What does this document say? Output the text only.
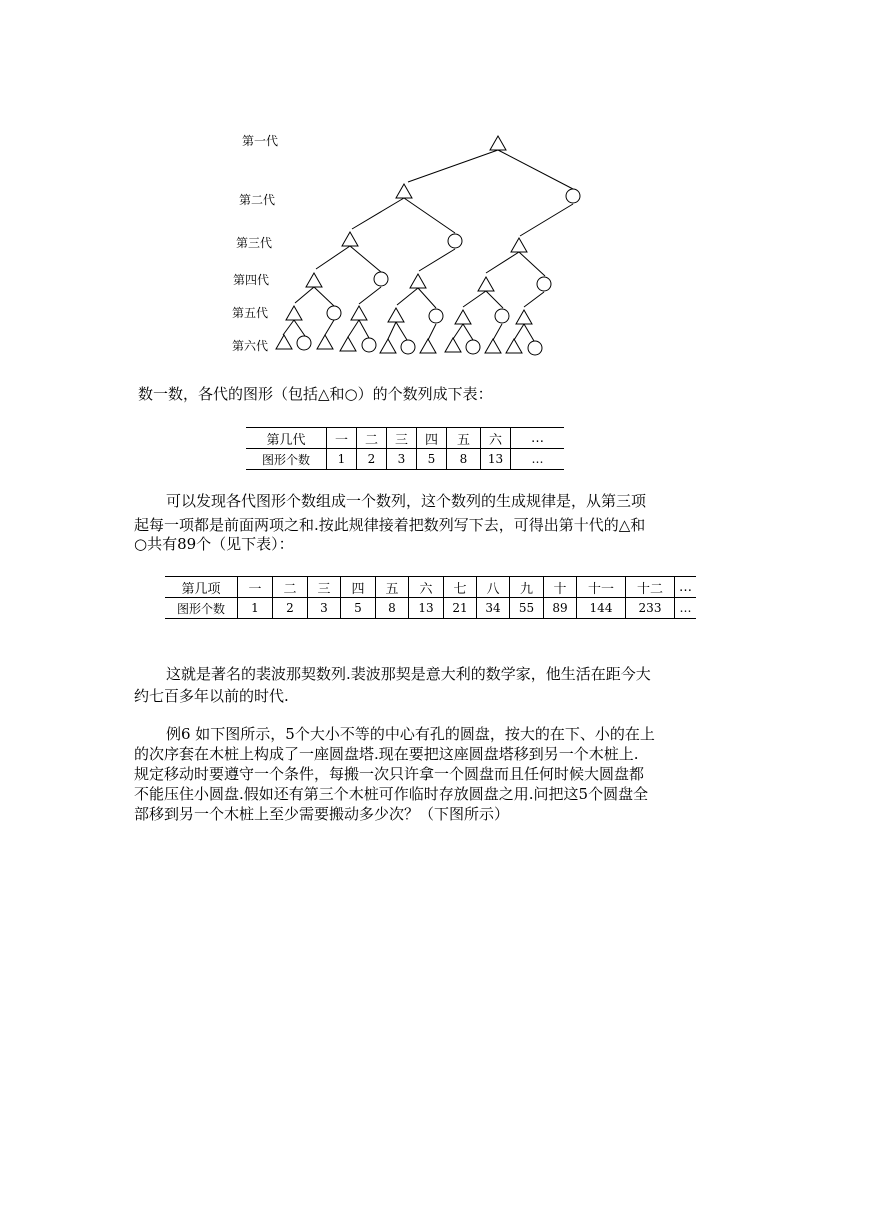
第一代
第二代
第三代
第四代
第五代
第六代

数一数，各代的图形（包括△和○）的个数列成下表：

第几代	一	二	三	四	五	六	…
图形个数	1	2	3	5	8	13	…

可以发现各代图形个数组成一个数列，这个数列的生成规律是，从第三项

起每一项都是前面两项之和.按此规律接着把数列写下去，可得出第十代的△和

○共有89个（见下表）：

第几项	一	二	三	四	五	六	七	八	九	十	十一	十二	…
图形个数	1	2	3	5	8	13	21	34	55	89	144	233	…

这就是著名的裴波那契数列.裴波那契是意大利的数学家，他生活在距今大

约七百多年以前的时代.

例6 如下图所示，5个大小不等的中心有孔的圆盘，按大的在下、小的在上

的次序套在木桩上构成了一座圆盘塔.现在要把这座圆盘塔移到另一个木桩上.

规定移动时要遵守一个条件，每搬一次只许拿一个圆盘而且任何时候大圆盘都

不能压住小圆盘.假如还有第三个木桩可作临时存放圆盘之用.问把这5个圆盘全

部移到另一个木桩上至少需要搬动多少次？（下图所示）
